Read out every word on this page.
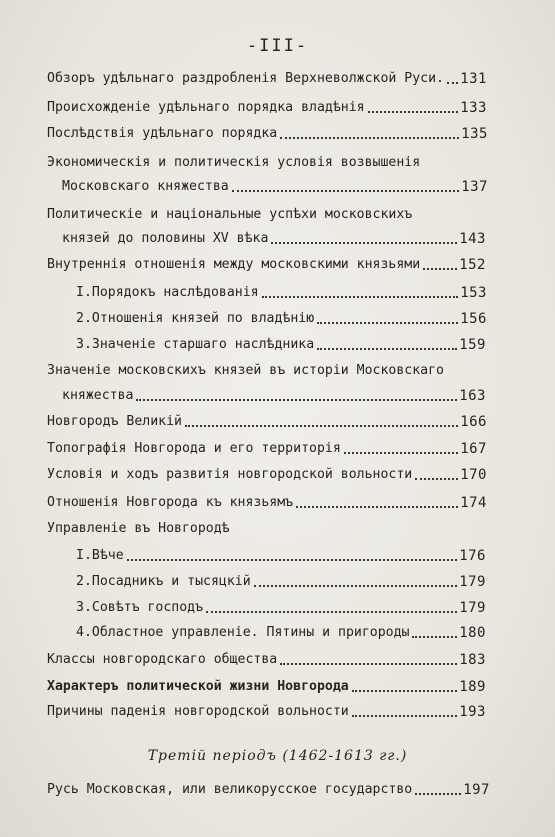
-III-
Обзоръ удѣльнаго раздробленія Верхневолжской Руси. 131
Происхожденіе удѣльнаго порядка владѣнія	133
Послѣдствія удѣльнаго порядка	135
Экономическія и политическія условія возвышенія
Московскаго княжества	137
Политическіе и національные успѣхи московскихъ
князей до половины XV вѣка	143
Внутреннія отношенія между московскими князьями	152
I.Порядокъ наслѣдованія	153
2.Отношенія князей по владѣнію	156
3.Значеніе старшаго наслѣдника	159
Значеніе московскихъ князей въ исторіи Московскаго
княжества	163
Новгородъ Великій	166
Топографія Новгорода и его территорія	167
Условія и ходъ развитія новгородской вольности	170
Отношенія Новгорода къ князьямъ	174
Управленіе въ Новгородѣ
I.Вѣче	176
2.Посадникъ и тысяцкій	179
3.Совѣтъ господъ	179
4.Областное управленіе. Пятины и пригороды	180
Классы новгородскаго общества	183
Характеръ политической жизни Новгорода	189
Причины паденія новгородской вольности	193
Третій періодъ (1462-1613 гг.)
Русь Московская, или великорусское государство	197
